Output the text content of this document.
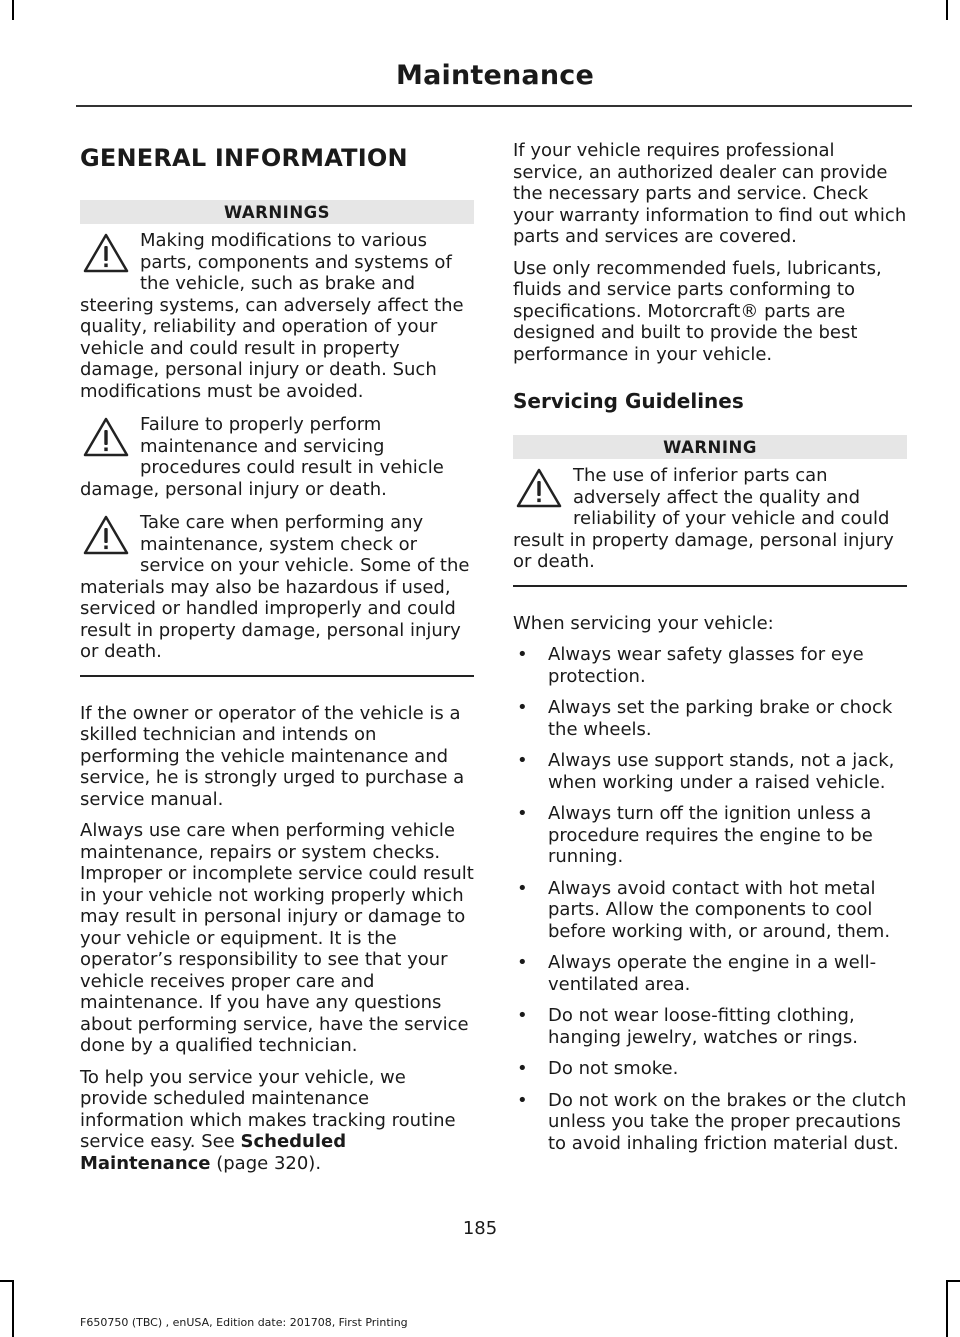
Maintenance
GENERAL INFORMATION
WARNINGS
Making modifications to various parts, components and systems of the vehicle, such as brake and steering systems, can adversely affect the quality, reliability and operation of your vehicle and could result in property damage, personal injury or death. Such modifications must be avoided.
Failure to properly perform maintenance and servicing procedures could result in vehicle damage, personal injury or death.
Take care when performing any maintenance, system check or service on your vehicle. Some of the materials may also be hazardous if used, serviced or handled improperly and could result in property damage, personal injury or death.

If the owner or operator of the vehicle is a skilled technician and intends on performing the vehicle maintenance and service, he is strongly urged to purchase a service manual.

Always use care when performing vehicle maintenance, repairs or system checks. Improper or incomplete service could result in your vehicle not working properly which may result in personal injury or damage to your vehicle or equipment. It is the operator’s responsibility to see that your vehicle receives proper care and maintenance. If you have any questions about performing service, have the service done by a qualified technician.

To help you service your vehicle, we provide scheduled maintenance information which makes tracking routine service easy. See Scheduled Maintenance (page 320).

If your vehicle requires professional service, an authorized dealer can provide the necessary parts and service. Check your warranty information to find out which parts and services are covered.

Use only recommended fuels, lubricants, fluids and service parts conforming to specifications. Motorcraft® parts are designed and built to provide the best performance in your vehicle.

Servicing Guidelines
WARNING
The use of inferior parts can adversely affect the quality and reliability of your vehicle and could result in property damage, personal injury or death.

When servicing your vehicle:

• Always wear safety glasses for eye protection.
• Always set the parking brake or chock the wheels.
• Always use support stands, not a jack, when working under a raised vehicle.
• Always turn off the ignition unless a procedure requires the engine to be running.
• Always avoid contact with hot metal parts. Allow the components to cool before working with, or around, them.
• Always operate the engine in a well-ventilated area.
• Do not wear loose-fitting clothing, hanging jewelry, watches or rings.
• Do not smoke.
• Do not work on the brakes or the clutch unless you take the proper precautions to avoid inhaling friction material dust.
185
F650750 (TBC) , enUSA, Edition date: 201708, First Printing
